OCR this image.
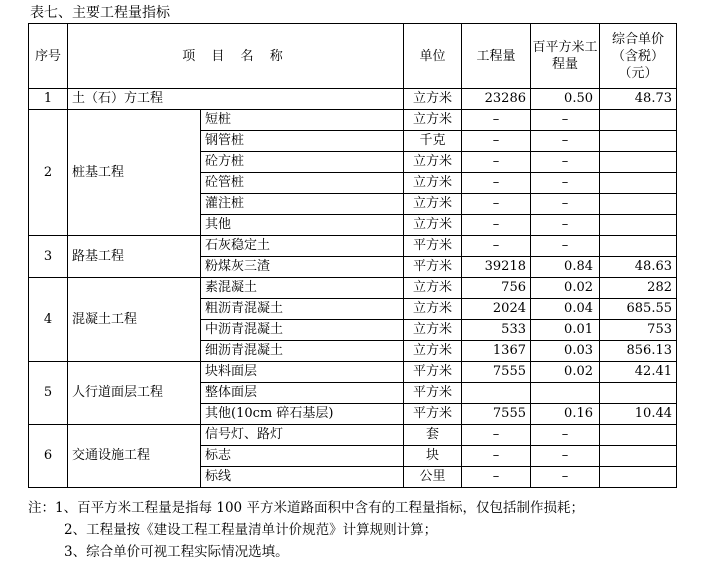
表七、主要工程量指标
序号	项 目 名 称		单位	工程量	百平方米工程量	综合单价（含税）（元）
1	土（石）方工程		立方米	23286	0.50	48.73
2	桩基工程	短桩	立方米	–	–	
		钢管桩	千克	–	–	
		砼方桩	立方米	–	–	
		砼管桩	立方米	–	–	
		灌注桩	立方米	–	–	
		其他	立方米	–	–	
3	路基工程	石灰稳定土	平方米	–	–	
		粉煤灰三渣	平方米	39218	0.84	48.63
4	混凝土工程	素混凝土	立方米	756	0.02	282
		粗沥青混凝土	立方米	2024	0.04	685.55
		中沥青混凝土	立方米	533	0.01	753
		细沥青混凝土	立方米	1367	0.03	856.13
5	人行道面层工程	块料面层	平方米	7555	0.02	42.41
		整体面层	平方米			
		其他(10cm 碎石基层)	平方米	7555	0.16	10.44
6	交通设施工程	信号灯、路灯	套	–	–	
		标志	块	–	–	
		标线	公里	–	–	
注：1、百平方米工程量是指每 100 平方米道路面积中含有的工程量指标，仅包括制作损耗；
2、工程量按《建设工程工程量清单计价规范》计算规则计算；
3、综合单价可视工程实际情况选填。
